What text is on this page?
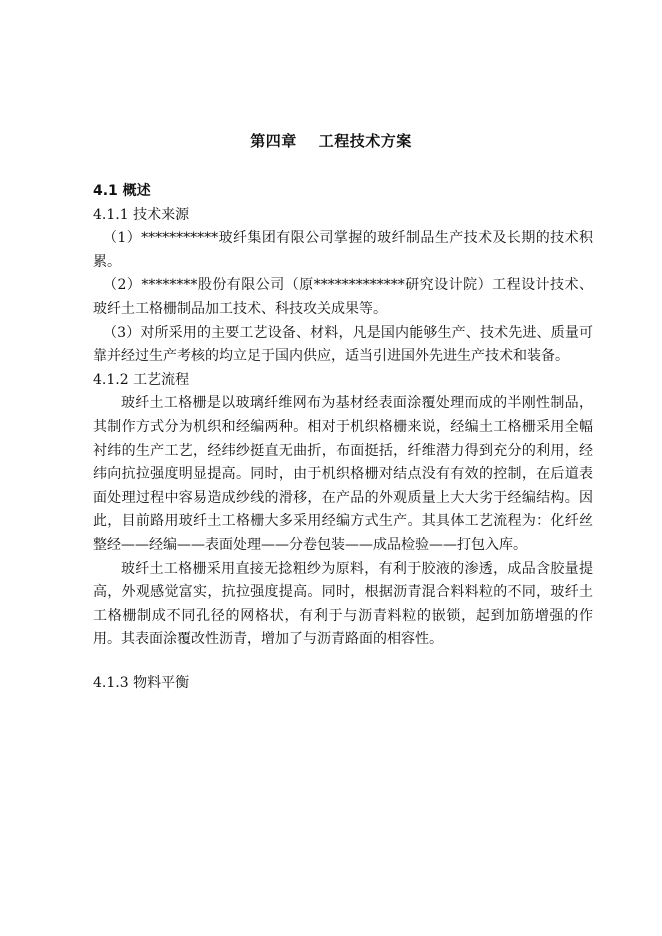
第四章 工程技术方案
4.1 概述
4.1.1 技术来源
（1）***********玻纤集团有限公司掌握的玻纤制品生产技术及长期的技术积累。
（2）********股份有限公司（原*************研究设计院）工程设计技术、玻纤土工格栅制品加工技术、科技攻关成果等。
（3）对所采用的主要工艺设备、材料，凡是国内能够生产、技术先进、质量可靠并经过生产考核的均立足于国内供应，适当引进国外先进生产技术和装备。
4.1.2 工艺流程
玻纤土工格栅是以玻璃纤维网布为基材经表面涂覆处理而成的半刚性制品，其制作方式分为机织和经编两种。相对于机织格栅来说，经编土工格栅采用全幅衬纬的生产工艺，经纬纱挺直无曲折，布面挺括，纤维潜力得到充分的利用，经纬向抗拉强度明显提高。同时，由于机织格栅对结点没有有效的控制，在后道表面处理过程中容易造成纱线的滑移，在产品的外观质量上大大劣于经编结构。因此，目前路用玻纤土工格栅大多采用经编方式生产。其具体工艺流程为：化纤丝整经——经编——表面处理——分卷包装——成品检验——打包入库。
玻纤土工格栅采用直接无捻粗纱为原料，有利于胶液的渗透，成品含胶量提高，外观感觉富实，抗拉强度提高。同时，根据沥青混合料料粒的不同，玻纤土工格栅制成不同孔径的网格状，有利于与沥青料粒的嵌锁，起到加筋增强的作用。其表面涂覆改性沥青，增加了与沥青路面的相容性。
4.1.3 物料平衡
